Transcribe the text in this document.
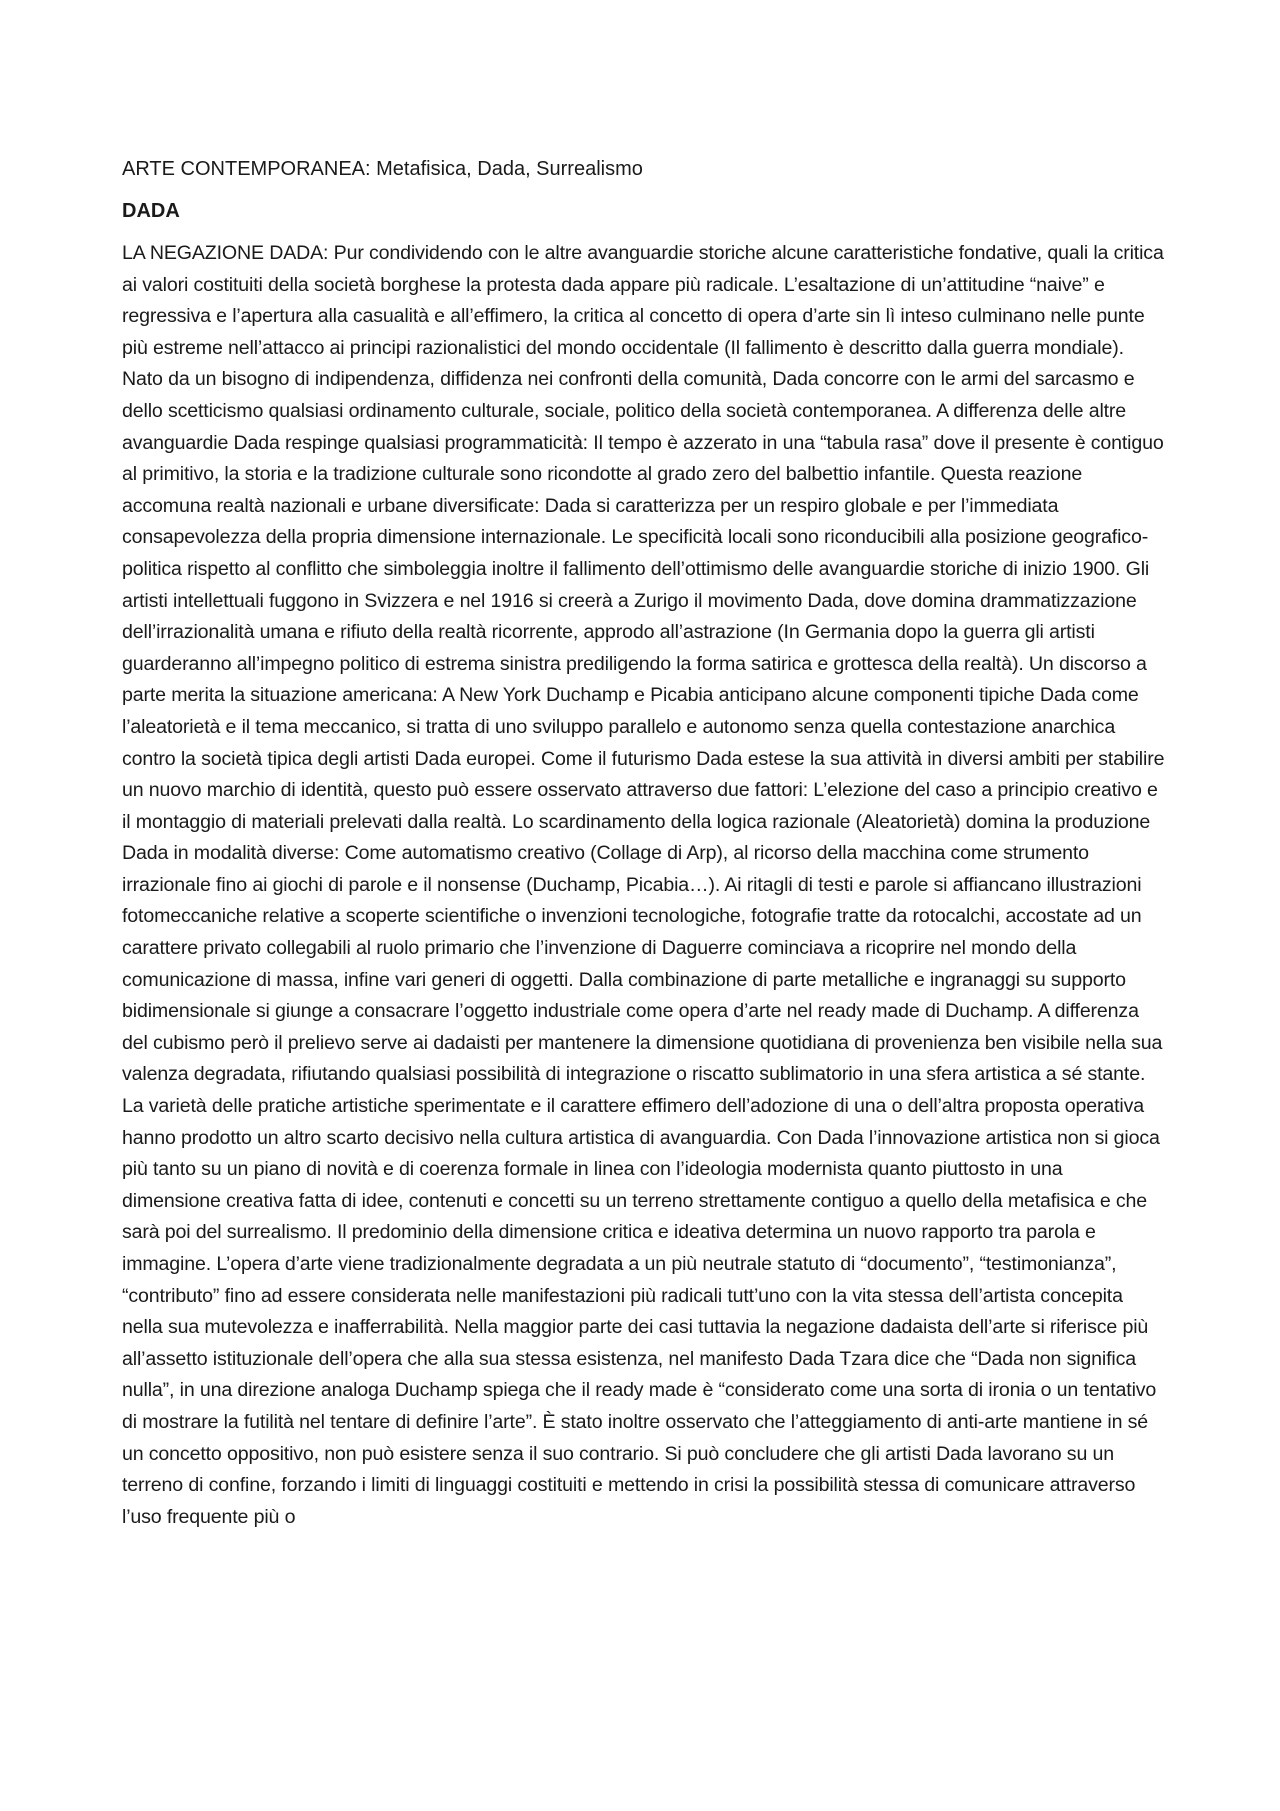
ARTE CONTEMPORANEA: Metafisica, Dada, Surrealismo
DADA

LA NEGAZIONE DADA: Pur condividendo con le altre avanguardie storiche alcune caratteristiche fondative, quali la critica ai valori costituiti della società borghese la protesta dada appare più radicale. L’esaltazione di un’attitudine “naive” e regressiva e l’apertura alla casualità e all’effimero, la critica al concetto di opera d’arte sin lì inteso culminano nelle punte più estreme nell’attacco ai principi razionalistici del mondo occidentale (Il fallimento è descritto dalla guerra mondiale). Nato da un bisogno di indipendenza, diffidenza nei confronti della comunità, Dada concorre con le armi del sarcasmo e dello scetticismo qualsiasi ordinamento culturale, sociale, politico della società contemporanea. A differenza delle altre avanguardie Dada respinge qualsiasi programmaticità: Il tempo è azzerato in una “tabula rasa” dove il presente è contiguo al primitivo, la storia e la tradizione culturale sono ricondotte al grado zero del balbettio infantile. Questa reazione accomuna realtà nazionali e urbane diversificate: Dada si caratterizza per un respiro globale e per l’immediata consapevolezza della propria dimensione internazionale. Le specificità locali sono riconducibili alla posizione geografico-politica rispetto al conflitto che simboleggia inoltre il fallimento dell’ottimismo delle avanguardie storiche di inizio 1900. Gli artisti intellettuali fuggono in Svizzera e nel 1916 si creerà a Zurigo il movimento Dada, dove domina drammatizzazione dell’irrazionalità umana e rifiuto della realtà ricorrente, approdo all’astrazione (In Germania dopo la guerra gli artisti guarderanno all’impegno politico di estrema sinistra prediligendo la forma satirica e grottesca della realtà). Un discorso a parte merita la situazione americana: A New York Duchamp e Picabia anticipano alcune componenti tipiche Dada come l’aleatorietà e il tema meccanico, si tratta di uno sviluppo parallelo e autonomo senza quella contestazione anarchica contro la società tipica degli artisti Dada europei. Come il futurismo Dada estese la sua attività in diversi ambiti per stabilire un nuovo marchio di identità, questo può essere osservato attraverso due fattori: L’elezione del caso a principio creativo e il montaggio di materiali prelevati dalla realtà. Lo scardinamento della logica razionale (Aleatorietà) domina la produzione Dada in modalità diverse: Come automatismo creativo (Collage di Arp), al ricorso della macchina come strumento irrazionale fino ai giochi di parole e il nonsense (Duchamp, Picabia…). Ai ritagli di testi e parole si affiancano illustrazioni fotomeccaniche relative a scoperte scientifiche o invenzioni tecnologiche, fotografie tratte da rotocalchi, accostate ad un carattere privato collegabili al ruolo primario che l’invenzione di Daguerre cominciava a ricoprire nel mondo della comunicazione di massa, infine vari generi di oggetti. Dalla combinazione di parte metalliche e ingranaggi su supporto bidimensionale si giunge a consacrare l’oggetto industriale come opera d’arte nel ready made di Duchamp. A differenza del cubismo però il prelievo serve ai dadaisti per mantenere la dimensione quotidiana di provenienza ben visibile nella sua valenza degradata, rifiutando qualsiasi possibilità di integrazione o riscatto sublimatorio in una sfera artistica a sé stante. La varietà delle pratiche artistiche sperimentate e il carattere effimero dell’adozione di una o dell’altra proposta operativa hanno prodotto un altro scarto decisivo nella cultura artistica di avanguardia. Con Dada l’innovazione artistica non si gioca più tanto su un piano di novità e di coerenza formale in linea con l’ideologia modernista quanto piuttosto in una dimensione creativa fatta di idee, contenuti e concetti su un terreno strettamente contiguo a quello della metafisica e che sarà poi del surrealismo. Il predominio della dimensione critica e ideativa determina un nuovo rapporto tra parola e immagine. L’opera d’arte viene tradizionalmente degradata a un più neutrale statuto di “documento”, “testimonianza”, “contributo” fino ad essere considerata nelle manifestazioni più radicali tutt’uno con la vita stessa dell’artista concepita nella sua mutevolezza e inafferrabilità. Nella maggior parte dei casi tuttavia la negazione dadaista dell’arte si riferisce più all’assetto istituzionale dell’opera che alla sua stessa esistenza, nel manifesto Dada Tzara dice che “Dada non significa nulla”, in una direzione analoga Duchamp spiega che il ready made è “considerato come una sorta di ironia o un tentativo di mostrare la futilità nel tentare di definire l’arte”. È stato inoltre osservato che l’atteggiamento di anti-arte mantiene in sé un concetto oppositivo, non può esistere senza il suo contrario. Si può concludere che gli artisti Dada lavorano su un terreno di confine, forzando i limiti di linguaggi costituiti e mettendo in crisi la possibilità stessa di comunicare attraverso l’uso frequente più o
